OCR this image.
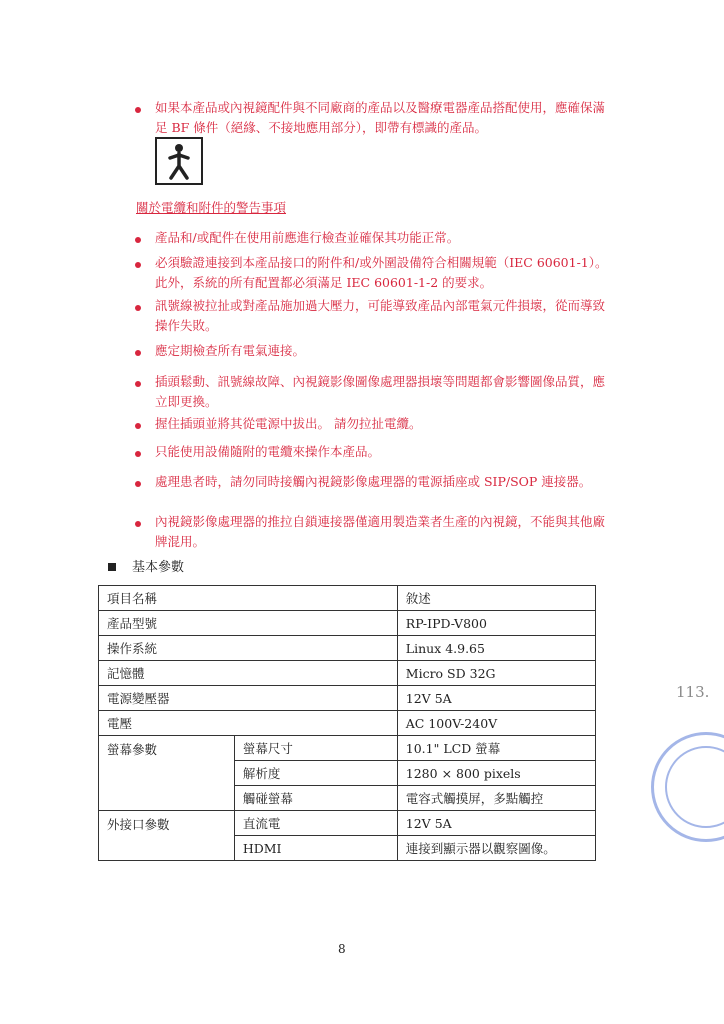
如果本產品或內視鏡配件與不同廠商的產品以及醫療電器產品搭配使用，應確保滿足 BF 條件（絕緣、不接地應用部分），即帶有標識的產品。
關於電纜和附件的警告事項
產品和/或配件在使用前應進行檢查並確保其功能正常。
必須驗證連接到本產品接口的附件和/或外圍設備符合相關規範（IEC 60601-1）。此外，系統的所有配置都必須滿足 IEC 60601-1-2 的要求。
訊號線被拉扯或對產品施加過大壓力，可能導致產品內部電氣元件損壞，從而導致操作失敗。
應定期檢查所有電氣連接。
插頭鬆動、訊號線故障、內視鏡影像圖像處理器損壞等問題都會影響圖像品質，應立即更換。
握住插頭並將其從電源中拔出。 請勿拉扯電纜。
只能使用設備隨附的電纜來操作本產品。
處理患者時，請勿同時接觸內視鏡影像處理器的電源插座或 SIP/SOP 連接器。
內視鏡影像處理器的推拉自鎖連接器僅適用製造業者生產的內視鏡，不能與其他廠牌混用。
基本參數
項目名稱		敘述
產品型號		RP-IPD-V800
操作系統		Linux 4.9.65
記憶體		Micro SD 32G
電源變壓器		12V 5A
電壓		AC 100V-240V
螢幕參數	螢幕尺寸	10.1" LCD 螢幕
	解析度	1280 × 800 pixels
	觸碰螢幕	電容式觸摸屏，多點觸控
外接口參數	直流電	12V 5A
	HDMI	連接到顯示器以觀察圖像。
8
113.
